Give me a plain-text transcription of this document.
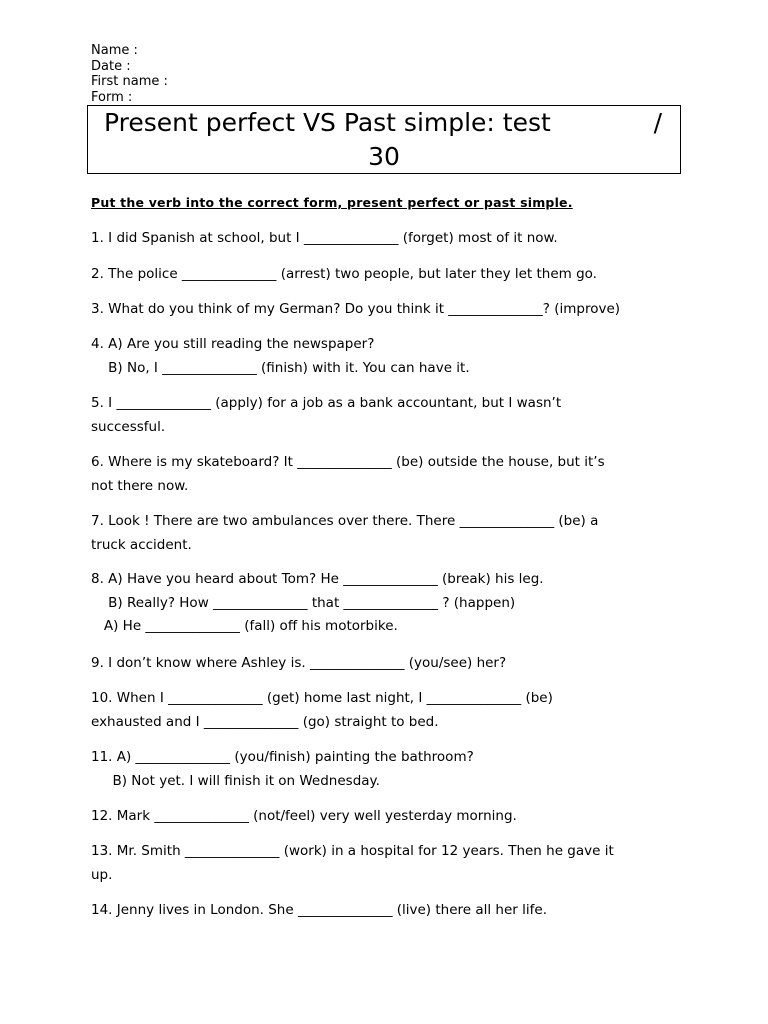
Name :
Date :
First name :
Form :
Present perfect VS Past simple: test	/
30
Put the verb into the correct form, present perfect or past simple.
1. I did Spanish at school, but I ______________ (forget) most of it now.
2. The police ______________ (arrest) two people, but later they let them go.
3. What do you think of my German? Do you think it ______________? (improve)
4. A) Are you still reading the newspaper?
B) No, I ______________ (finish) with it. You can have it.
5. I ______________ (apply) for a job as a bank accountant, but I wasn’t
successful.
6. Where is my skateboard? It ______________ (be) outside the house, but it’s
not there now.
7. Look ! There are two ambulances over there. There ______________ (be) a
truck accident.
8. A) Have you heard about Tom? He ______________ (break) his leg.
B) Really? How ______________ that ______________ ? (happen)
A) He ______________ (fall) off his motorbike.
9. I don’t know where Ashley is. ______________ (you/see) her?
10. When I ______________ (get) home last night, I ______________ (be)
exhausted and I ______________ (go) straight to bed.
11. A) ______________ (you/finish) painting the bathroom?
B) Not yet. I will finish it on Wednesday.
12. Mark ______________ (not/feel) very well yesterday morning.
13. Mr. Smith ______________ (work) in a hospital for 12 years. Then he gave it
up.
14. Jenny lives in London. She ______________ (live) there all her life.
